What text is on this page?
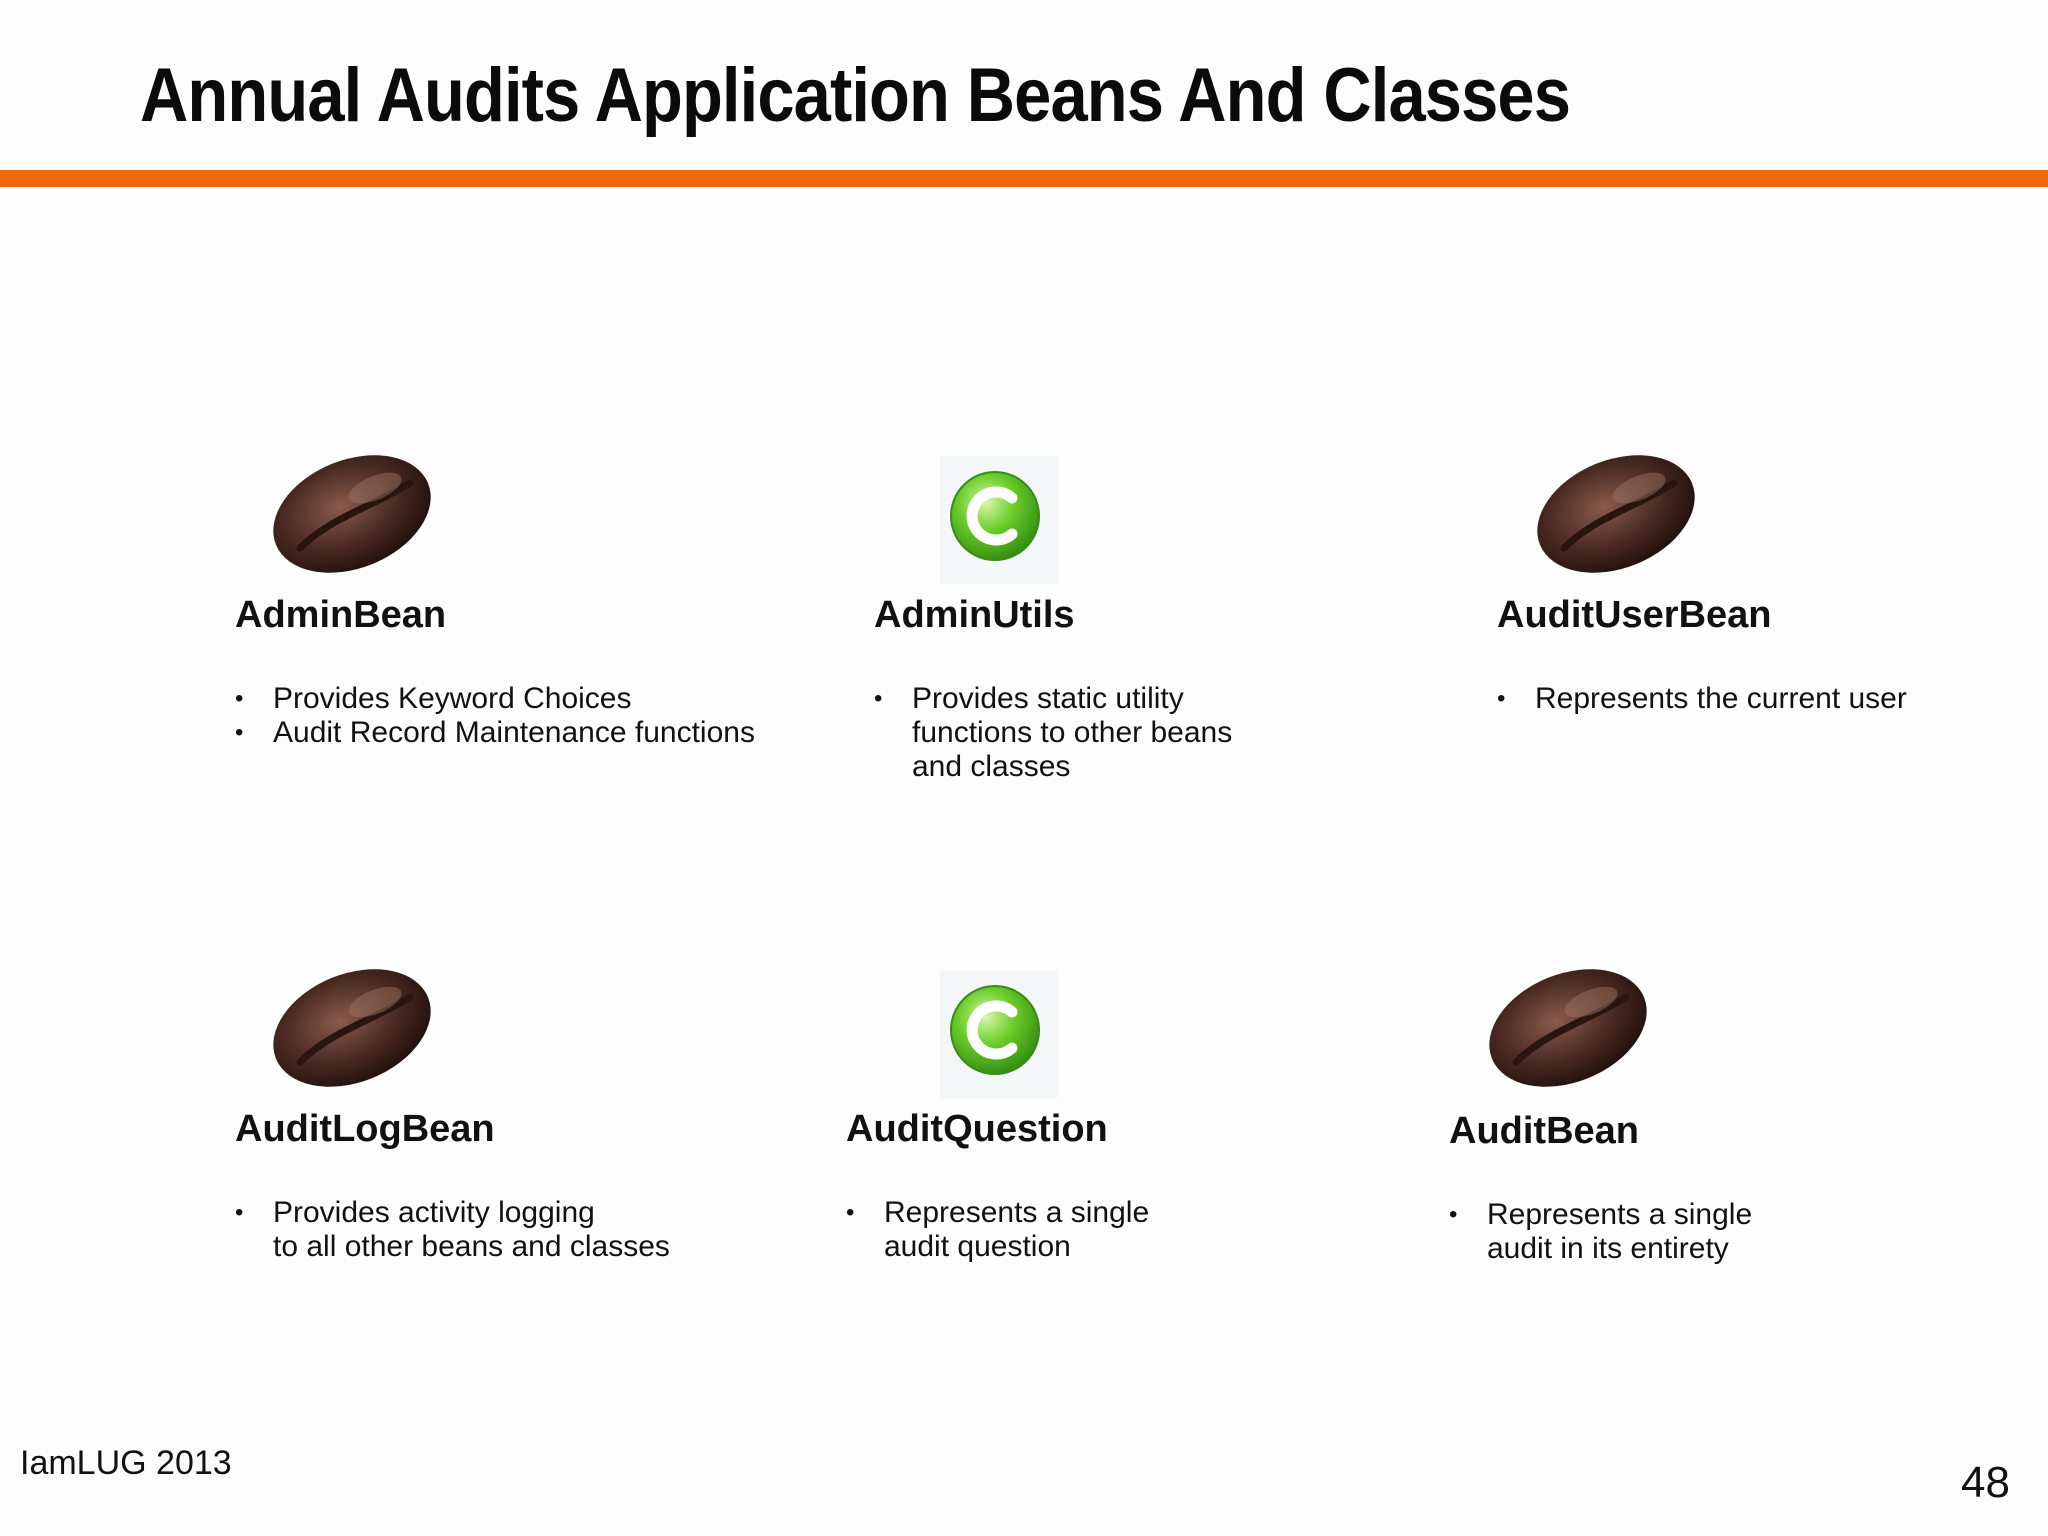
Annual Audits Application Beans And Classes
AdminBean
• Provides Keyword Choices
• Audit Record Maintenance functions
AdminUtils
• Provides static utility
functions to other beans
and classes
AuditUserBean
• Represents the current user
AuditLogBean
• Provides activity logging
to all other beans and classes
AuditQuestion
• Represents a single
audit question
AuditBean
• Represents a single
audit in its entirety
IamLUG 2013	48
